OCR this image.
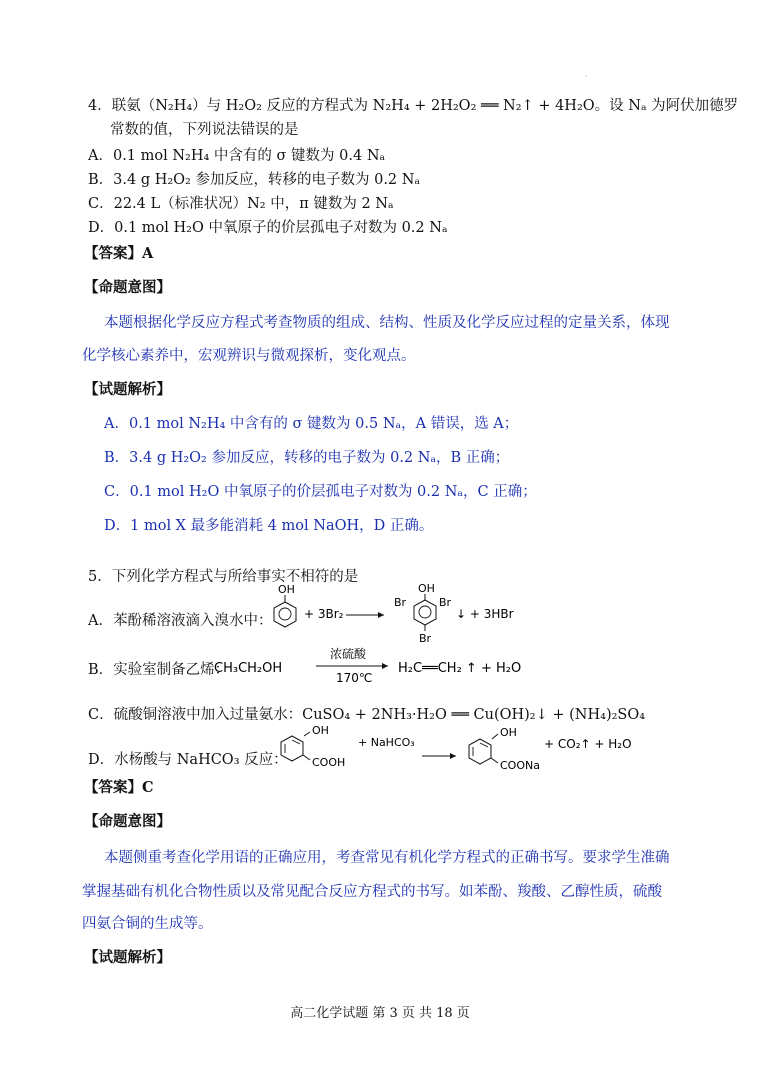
·
4．联氨（N₂H₄）与 H₂O₂ 反应的方程式为 N₂H₄ + 2H₂O₂ ══ N₂↑ + 4H₂O。设 Nₐ 为阿伏加德罗
常数的值，下列说法错误的是
A．0.1 mol N₂H₄ 中含有的 σ 键数为 0.4 Nₐ
B．3.4 g H₂O₂ 参加反应，转移的电子数为 0.2 Nₐ
C．22.4 L（标准状况）N₂ 中，π 键数为 2 Nₐ
D．0.1 mol H₂O 中氧原子的价层孤电子对数为 0.2 Nₐ
【答案】A
【命题意图】
本题根据化学反应方程式考查物质的组成、结构、性质及化学反应过程的定量关系，体现
化学核心素养中，宏观辨识与微观探析，变化观点。
【试题解析】
A．0.1 mol N₂H₄ 中含有的 σ 键数为 0.5 Nₐ，A 错误，选 A；
B．3.4 g H₂O₂ 参加反应，转移的电子数为 0.2 Nₐ，B 正确；
C．0.1 mol H₂O 中氧原子的价层孤电子对数为 0.2 Nₐ，C 正确；
D．1 mol X 最多能消耗 4 mol NaOH，D 正确。
5．下列化学方程式与所给事实不相符的是
A．苯酚稀溶液滴入溴水中：
OH
+ 3Br₂
OH
Br	Br
Br
↓ + 3HBr
B．实验室制备乙烯：
CH₃CH₂OH
浓硫酸
170℃
H₂C══CH₂ ↑ + H₂O
C．硫酸铜溶液中加入过量氨水：CuSO₄ + 2NH₃·H₂O ══ Cu(OH)₂↓ + (NH₄)₂SO₄
D．水杨酸与 NaHCO₃ 反应：
OH
COOH
+ NaHCO₃
OH
COONa
+ CO₂↑ + H₂O
【答案】C
【命题意图】
本题侧重考查化学用语的正确应用，考查常见有机化学方程式的正确书写。要求学生准确
掌握基础有机化合物性质以及常见配合反应方程式的书写。如苯酚、羧酸、乙醇性质，硫酸
四氨合铜的生成等。
【试题解析】
高二化学试题 第 3 页 共 18 页
